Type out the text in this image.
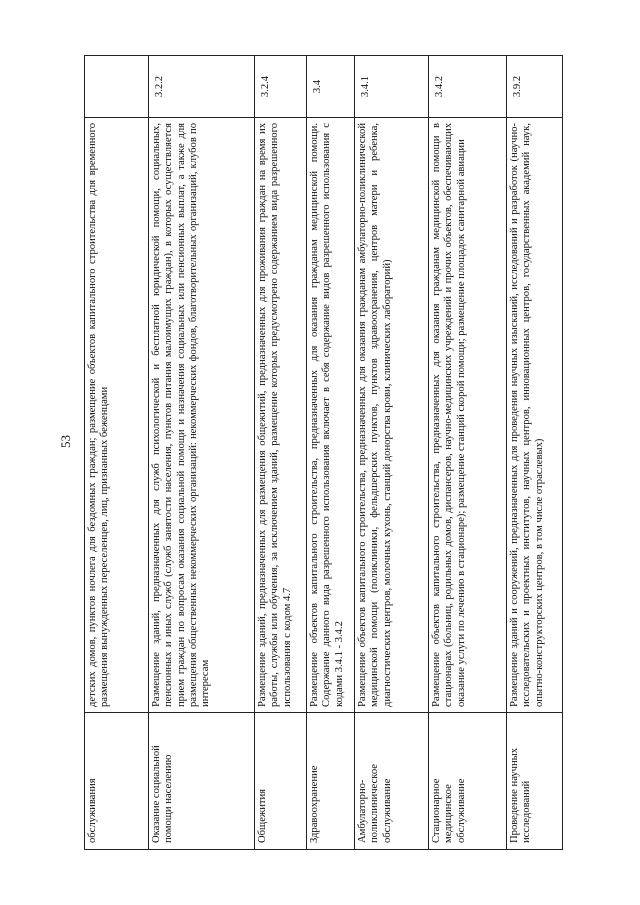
53
обслуживания	детских домов, пунктов ночлега для бездомных граждан; размещение объектов капитального строительства для временного размещения вынужденных переселенцев, лиц, признанных беженцами	
Оказание социальной помощи населению	Размещение зданий, предназначенных для служб психологической и бесплатной юридической помощи, социальных, пенсионных и иных служб (служб занятости населения, пунктов питания малоимущих граждан), в которых осуществляется прием граждан по вопросам оказания социальной помощи и назначения социальных или пенсионных выплат, а также для размещения общественных некоммерческих организаций: некоммерческих фондов, благотворительных организаций, клубов по интересам	3.2.2
Общежития	Размещение зданий, предназначенных для размещения общежитий, предназначенных для проживания граждан на время их работы, службы или обучения, за исключением зданий, размещение которых предусмотрено содержанием вида разрешенного использования с кодом 4.7	3.2.4
Здравоохранение	Размещение объектов капитального строительства, предназначенных для оказания гражданам медицинской помощи. Содержание данного вида разрешенного использования включает в себя содержание видов разрешенного использования с кодами 3.4.1 - 3.4.2	3.4
Амбулаторно-поликлиническое обслуживание	Размещение объектов капитального строительства, предназначенных для оказания гражданам амбулаторно-поликлинической медицинской помощи (поликлиники, фельдшерских пунктов, пунктов здравоохранения, центров матери и ребенка, диагностических центров, молочных кухонь, станций донорства крови, клинических лабораторий)	3.4.1
Стационарное медицинское обслуживание	Размещение объектов капитального строительства, предназначенных для оказания гражданам медицинской помощи в стационарах (больниц, родильных домов, диспансеров, научно-медицинских учреждений и прочих объектов, обеспечивающих оказание услуги по лечению в стационаре); размещение станций скорой помощи; размещение площадок санитарной авиации	3.4.2
Проведение научных исследований	Размещение зданий и сооружений, предназначенных для проведения научных изысканий, исследований и разработок (научно-исследовательских и проектных институтов, научных центров, инновационных центров, государственных академий наук, опытно-конструкторских центров, в том числе отраслевых)	3.9.2
